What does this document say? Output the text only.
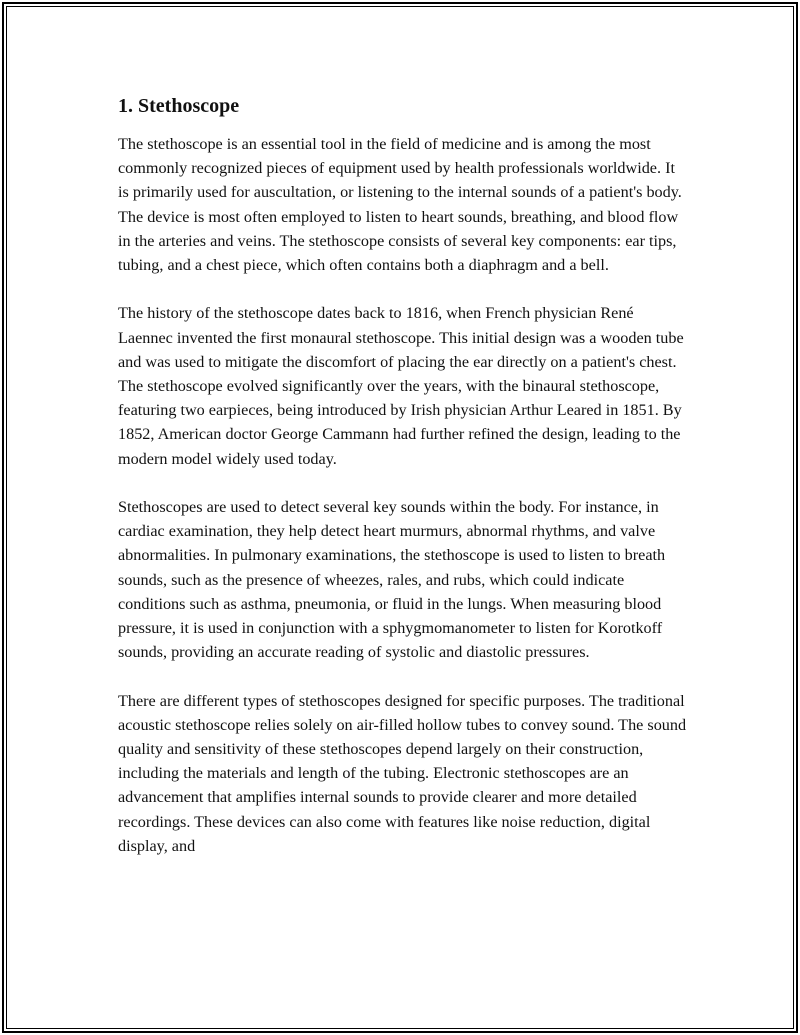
1. Stethoscope

The stethoscope is an essential tool in the field of medicine and is among the most commonly recognized pieces of equipment used by health professionals worldwide. It is primarily used for auscultation, or listening to the internal sounds of a patient's body. The device is most often employed to listen to heart sounds, breathing, and blood flow in the arteries and veins. The stethoscope consists of several key components: ear tips, tubing, and a chest piece, which often contains both a diaphragm and a bell.

The history of the stethoscope dates back to 1816, when French physician René Laennec invented the first monaural stethoscope. This initial design was a wooden tube and was used to mitigate the discomfort of placing the ear directly on a patient's chest. The stethoscope evolved significantly over the years, with the binaural stethoscope, featuring two earpieces, being introduced by Irish physician Arthur Leared in 1851. By 1852, American doctor George Cammann had further refined the design, leading to the modern model widely used today.

Stethoscopes are used to detect several key sounds within the body. For instance, in cardiac examination, they help detect heart murmurs, abnormal rhythms, and valve abnormalities. In pulmonary examinations, the stethoscope is used to listen to breath sounds, such as the presence of wheezes, rales, and rubs, which could indicate conditions such as asthma, pneumonia, or fluid in the lungs. When measuring blood pressure, it is used in conjunction with a sphygmomanometer to listen for Korotkoff sounds, providing an accurate reading of systolic and diastolic pressures.

There are different types of stethoscopes designed for specific purposes. The traditional acoustic stethoscope relies solely on air-filled hollow tubes to convey sound. The sound quality and sensitivity of these stethoscopes depend largely on their construction, including the materials and length of the tubing. Electronic stethoscopes are an advancement that amplifies internal sounds to provide clearer and more detailed recordings. These devices can also come with features like noise reduction, digital display, and
